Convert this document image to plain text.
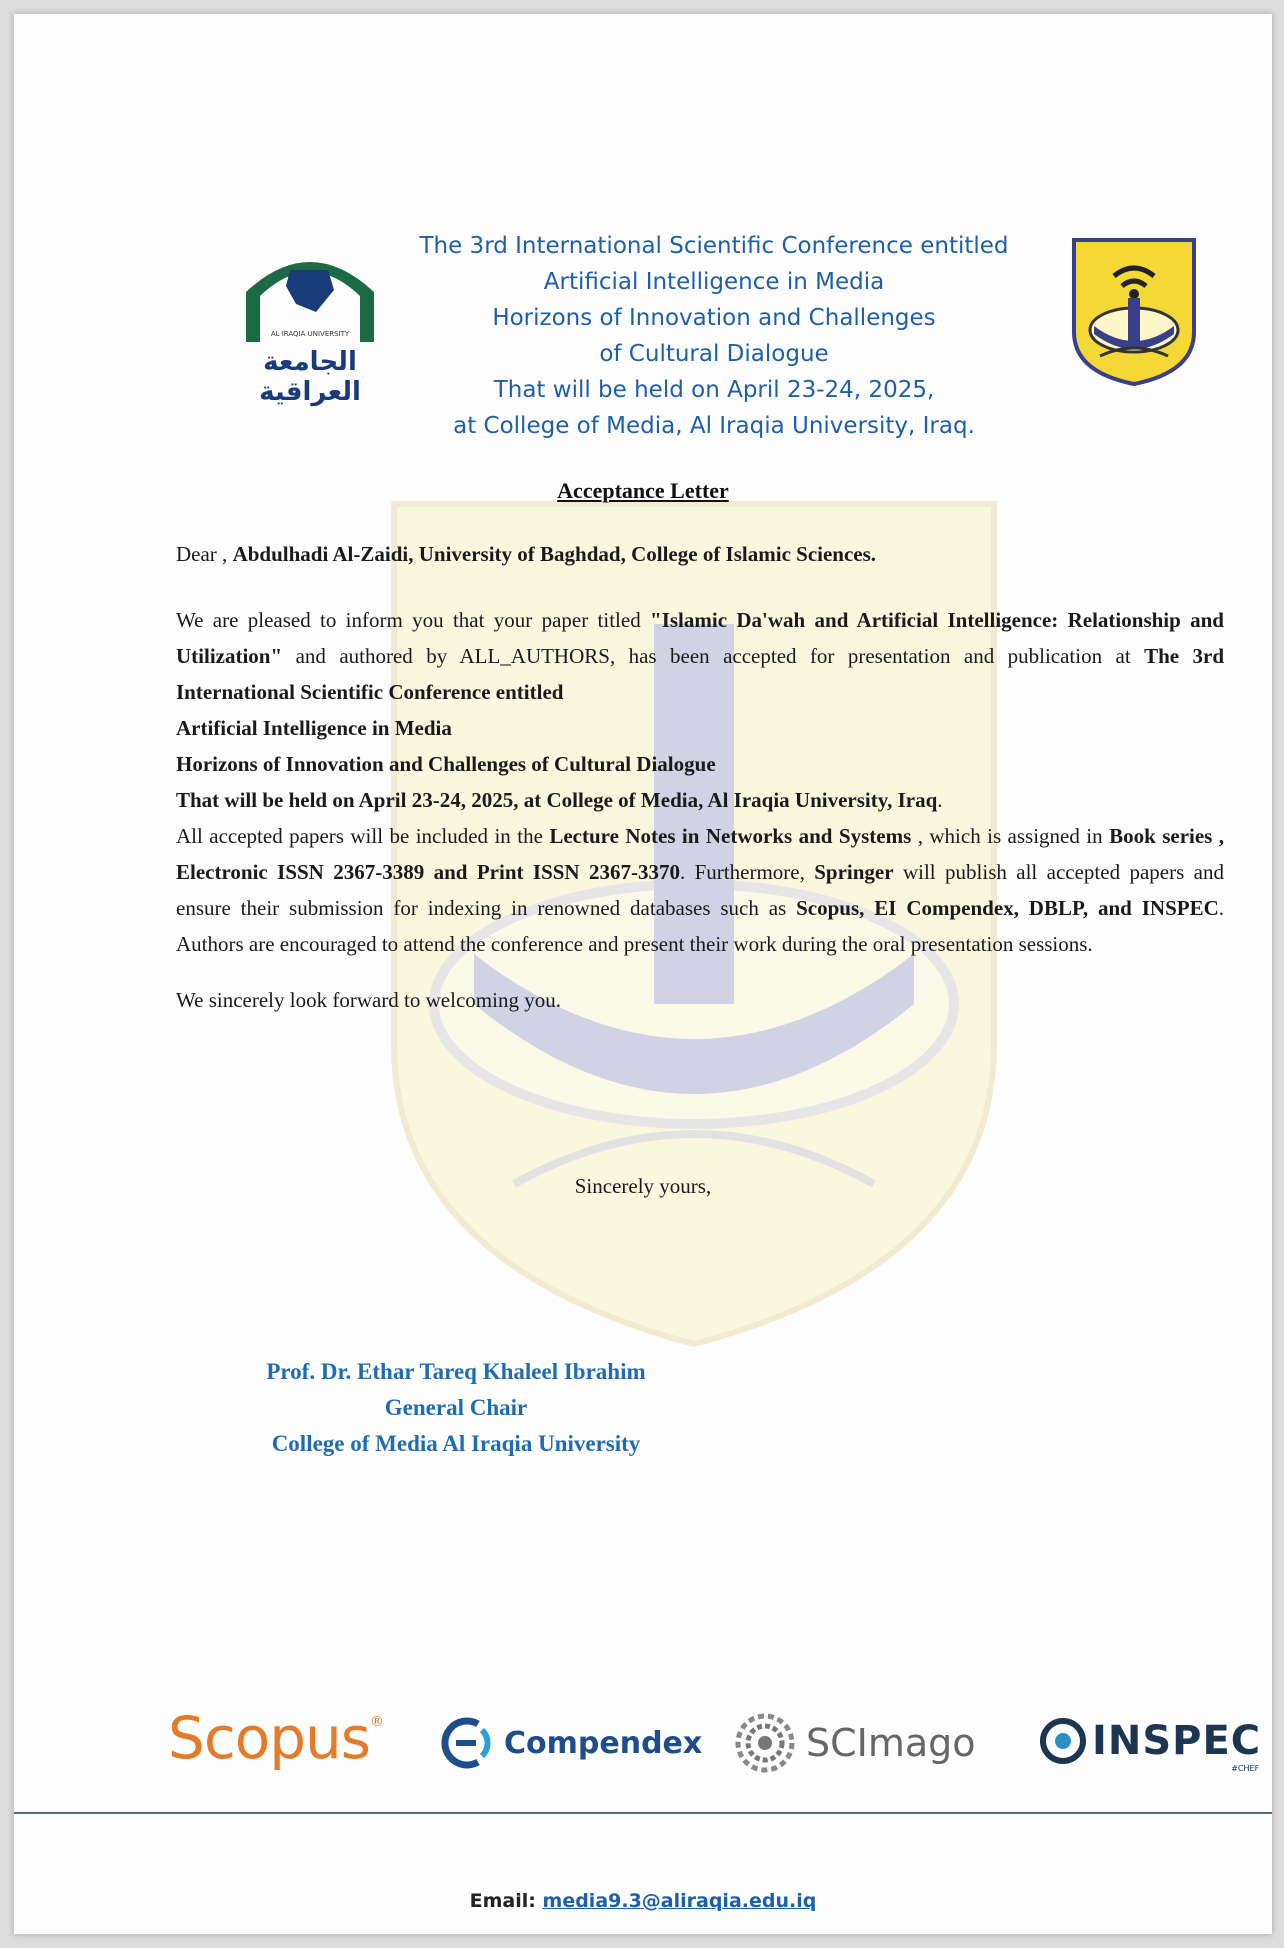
AL IRAQIA UNIVERSITY
الجامعة
العراقية
The 3rd International Scientific Conference entitled
Artificial Intelligence in Media
Horizons of Innovation and Challenges
of Cultural Dialogue
That will be held on April 23-24, 2025,
at College of Media, Al Iraqia University, Iraq.
Acceptance Letter

Dear , Abdulhadi Al-Zaidi, University of Baghdad, College of Islamic Sciences.

We are pleased to inform you that your paper titled "Islamic Da'wah and Artificial Intelligence: Relationship and Utilization" and authored by ALL_AUTHORS, has been accepted for presentation and publication at The 3rd International Scientific Conference entitled

Artificial Intelligence in Media

Horizons of Innovation and Challenges of Cultural Dialogue

That will be held on April 23-24, 2025, at College of Media, Al Iraqia University, Iraq.

All accepted papers will be included in the Lecture Notes in Networks and Systems , which is assigned in Book series , Electronic ISSN 2367-3389 and Print ISSN 2367-3370. Furthermore, Springer will publish all accepted papers and ensure their submission for indexing in renowned databases such as Scopus, EI Compendex, DBLP, and INSPEC. Authors are encouraged to attend the conference and present their work during the oral presentation sessions.

We sincerely look forward to welcoming you.

Sincerely yours,
Prof. Dr. Ethar Tareq Khaleel Ibrahim
General Chair
College of Media Al Iraqia University
Scopus®
Compendex	SCImago	INSPEC
#CHEF
Email: media9.3@aliraqia.edu.iq
